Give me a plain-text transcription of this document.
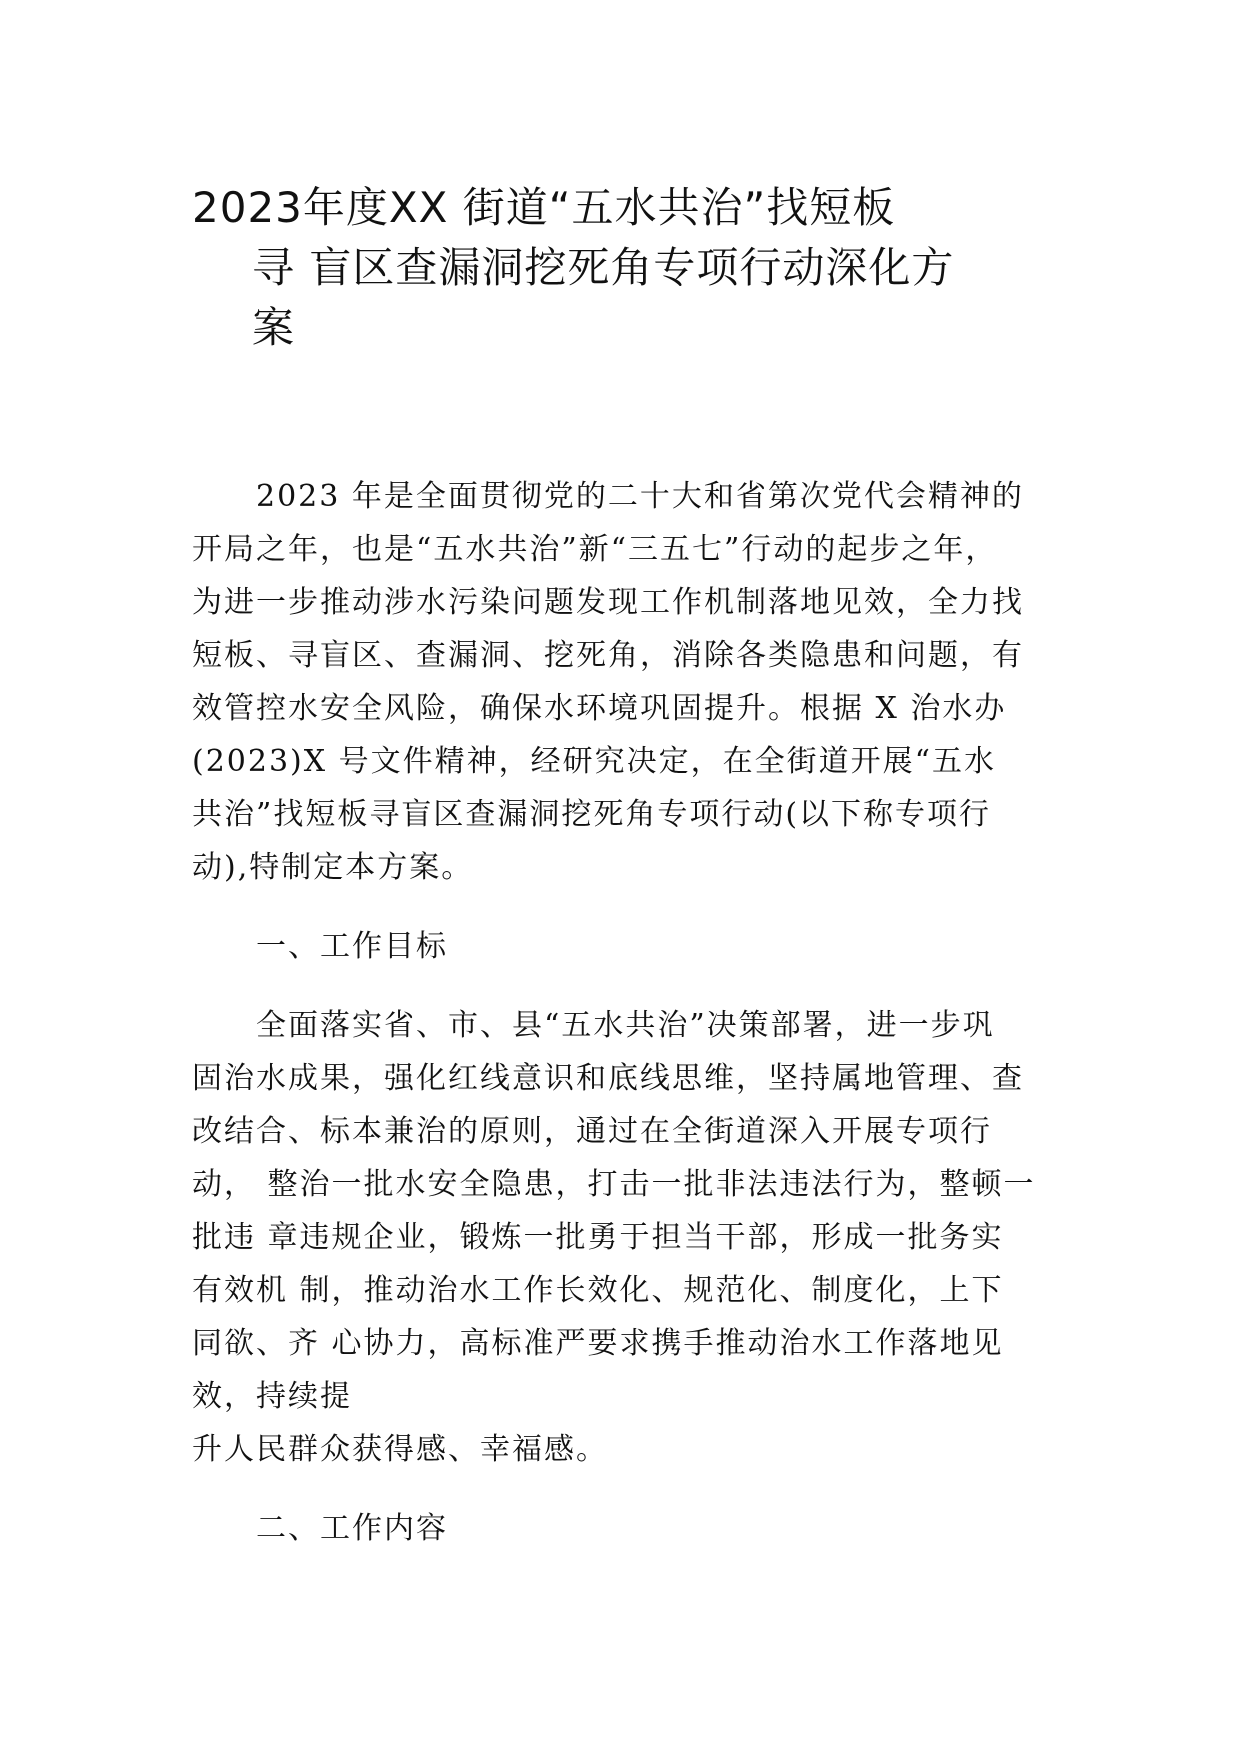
2023年度XX 街道“五水共治”找短板
寻 盲区查漏洞挖死角专项行动深化方
案
2023 年是全面贯彻党的二十大和省第次党代会精神的
开局之年，也是“五水共治”新“三五七”行动的起步之年，
为进一步推动涉水污染问题发现工作机制落地见效，全力找
短板、寻盲区、查漏洞、挖死角，消除各类隐患和问题，有
效管控水安全风险，确保水环境巩固提升。根据 X 治水办
(2023)X 号文件精神，经研究决定，在全街道开展“五水
共治”找短板寻盲区查漏洞挖死角专项行动(以下称专项行
动),特制定本方案。
一、工作目标
全面落实省、市、县“五水共治”决策部署，进一步巩
固治水成果，强化红线意识和底线思维，坚持属地管理、查
改结合、标本兼治的原则，通过在全街道深入开展专项行
动， 整治一批水安全隐患，打击一批非法违法行为，整顿一
批违 章违规企业，锻炼一批勇于担当干部，形成一批务实
有效机 制，推动治水工作长效化、规范化、制度化，上下
同欲、齐 心协力，高标准严要求携手推动治水工作落地见
效，持续提
升人民群众获得感、幸福感。
二、工作内容
